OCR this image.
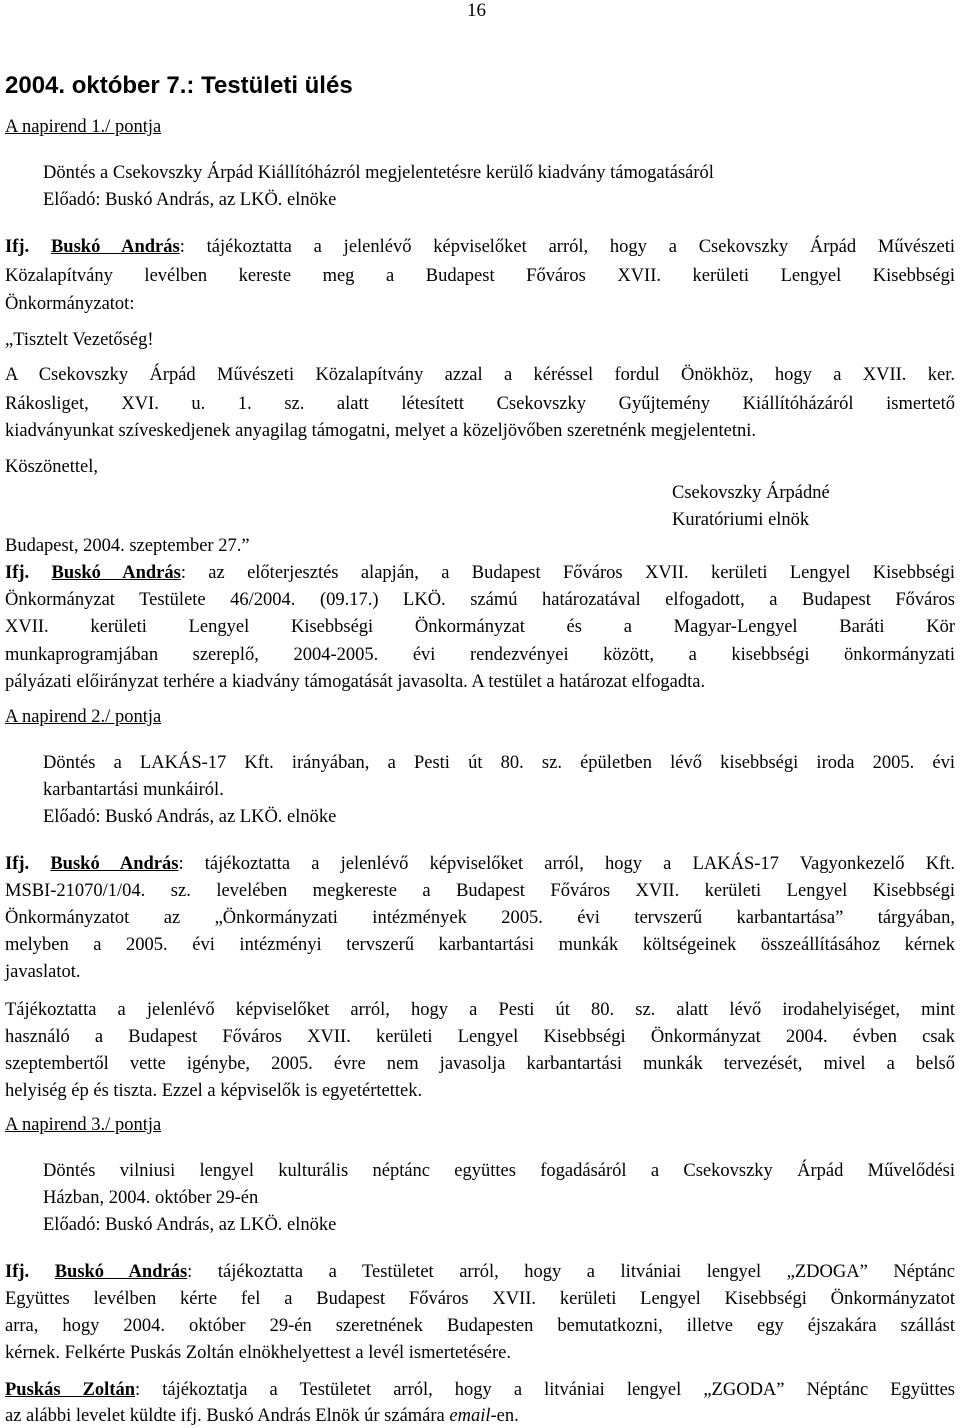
16
2004. október 7.: Testületi ülés
A napirend 1./ pontja
Döntés a Csekovszky Árpád Kiállítóházról megjelentetésre kerülő kiadvány támogatásáról
Előadó: Buskó András, az LKÖ. elnöke
Ifj. Buskó András: tájékoztatta a jelenlévő képviselőket arról, hogy a Csekovszky Árpád Művészeti
Közalapítvány levélben kereste meg a Budapest Főváros XVII. kerületi Lengyel Kisebbségi
Önkormányzatot:
„Tisztelt Vezetőség!
A Csekovszky Árpád Művészeti Közalapítvány azzal a kéréssel fordul Önökhöz, hogy a XVII. ker.
Rákosliget, XVI. u. 1. sz. alatt létesített Csekovszky Gyűjtemény Kiállítóházáról ismertető
kiadványunkat szíveskedjenek anyagilag támogatni, melyet a közeljövőben szeretnénk megjelentetni.
Köszönettel,
Csekovszky Árpádné
Kuratóriumi elnök
Budapest, 2004. szeptember 27.”
Ifj. Buskó András: az előterjesztés alapján, a Budapest Főváros XVII. kerületi Lengyel Kisebbségi
Önkormányzat Testülete 46/2004. (09.17.) LKÖ. számú határozatával elfogadott, a Budapest Főváros
XVII. kerületi Lengyel Kisebbségi Önkormányzat és a Magyar-Lengyel Baráti Kör
munkaprogramjában szereplő, 2004-2005. évi rendezvényei között, a kisebbségi önkormányzati
pályázati előirányzat terhére a kiadvány támogatását javasolta. A testület a határozat elfogadta.
A napirend 2./ pontja
Döntés a LAKÁS-17 Kft. irányában, a Pesti út 80. sz. épületben lévő kisebbségi iroda 2005. évi
karbantartási munkáiról.
Előadó: Buskó András, az LKÖ. elnöke
Ifj. Buskó András: tájékoztatta a jelenlévő képviselőket arról, hogy a LAKÁS-17 Vagyonkezelő Kft.
MSBI-21070/1/04. sz. levelében megkereste a Budapest Főváros XVII. kerületi Lengyel Kisebbségi
Önkormányzatot az „Önkormányzati intézmények 2005. évi tervszerű karbantartása” tárgyában,
melyben a 2005. évi intézményi tervszerű karbantartási munkák költségeinek összeállításához kérnek
javaslatot.
Tájékoztatta a jelenlévő képviselőket arról, hogy a Pesti út 80. sz. alatt lévő irodahelyiséget, mint
használó a Budapest Főváros XVII. kerületi Lengyel Kisebbségi Önkormányzat 2004. évben csak
szeptembertől vette igénybe, 2005. évre nem javasolja karbantartási munkák tervezését, mivel a belső
helyiség ép és tiszta. Ezzel a képviselők is egyetértettek.
A napirend 3./ pontja
Döntés vilniusi lengyel kulturális néptánc együttes fogadásáról a Csekovszky Árpád Művelődési
Házban, 2004. október 29-én
Előadó: Buskó András, az LKÖ. elnöke
Ifj. Buskó András: tájékoztatta a Testületet arról, hogy a litvániai lengyel „ZDOGA” Néptánc
Együttes levélben kérte fel a Budapest Főváros XVII. kerületi Lengyel Kisebbségi Önkormányzatot
arra, hogy 2004. október 29-én szeretnének Budapesten bemutatkozni, illetve egy éjszakára szállást
kérnek. Felkérte Puskás Zoltán elnökhelyettest a levél ismertetésére.
Puskás Zoltán: tájékoztatja a Testületet arról, hogy a litvániai lengyel „ZGODA” Néptánc Együttes
az alábbi levelet küldte ifj. Buskó András Elnök úr számára email-en.
